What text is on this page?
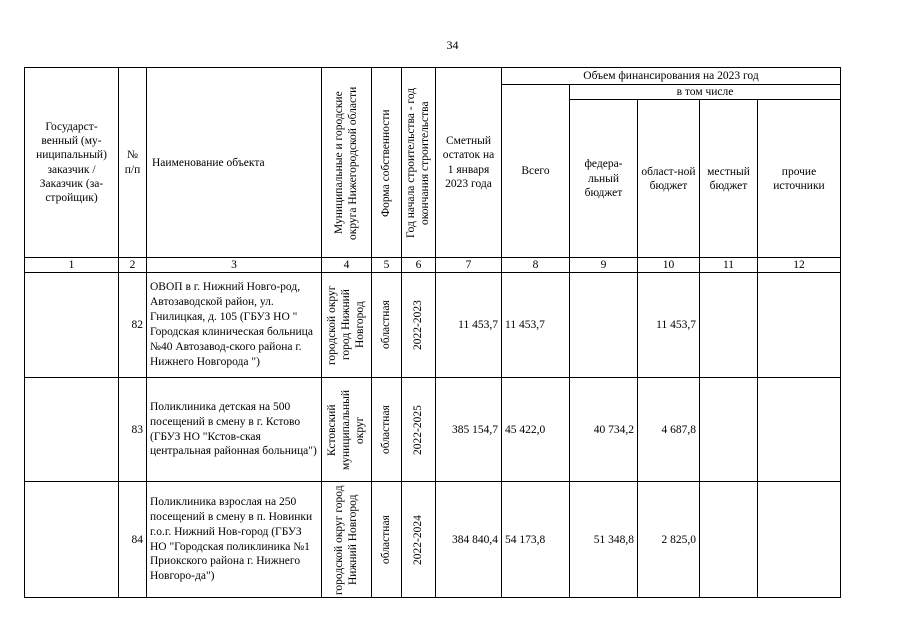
34
Государст-венный (му-ниципальный) заказчик / Заказчик (за-стройщик)	№ п/п	Наименование объекта	Муниципальные и городские округа Нижегородской области	Форма собственности	Год начала строительства - год окончания строительства	Сметный остаток на 1 января 2023 года	Объем финансирования на 2023 год				
							Всего	в том числе			
								федера-льный бюджет	област-ной бюджет	местный бюджет	прочие источники
1	2	3	4	5	6	7	8	9	10	11	12
	82	ОВОП в г. Нижний Новго-род, Автозаводской район, ул. Гнилицкая, д. 105 (ГБУЗ НО " Городская клиническая больница №40 Автозавод-ского района г. Нижнего Новгорода ")	городской округ город Нижний Новгород	областная	2022-2023	11 453,7	11 453,7		11 453,7		
	83	Поликлиника детская на 500 посещений в смену в г. Кстово (ГБУЗ НО "Кстов-ская центральная районная больница")	Кстовский муниципальный округ	областная	2022-2025	385 154,7	45 422,0	40 734,2	4 687,8		
	84	Поликлиника взрослая на 250 посещений в смену в п. Новинки г.о.г. Нижний Нов-город (ГБУЗ НО "Городская поликлиника №1 Приокского района г. Нижнего Новгоро-да")	городской округ город Нижний Новгород	областная	2022-2024	384 840,4	54 173,8	51 348,8	2 825,0		
